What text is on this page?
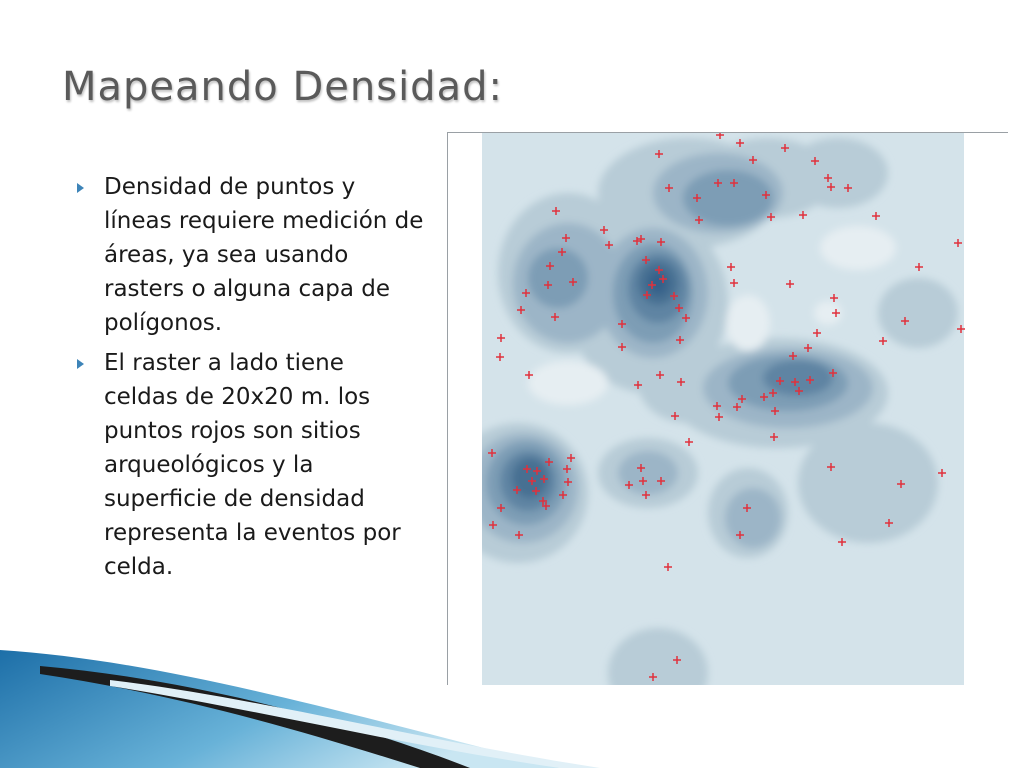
Mapeando Densidad:
Densidad de puntos y líneas requiere medición de áreas, ya sea usando rasters o alguna capa de polígonos.
El raster a lado tiene celdas de 20x20 m. los puntos rojos son sitios arqueológicos y la superficie de densidad representa la eventos por celda.
